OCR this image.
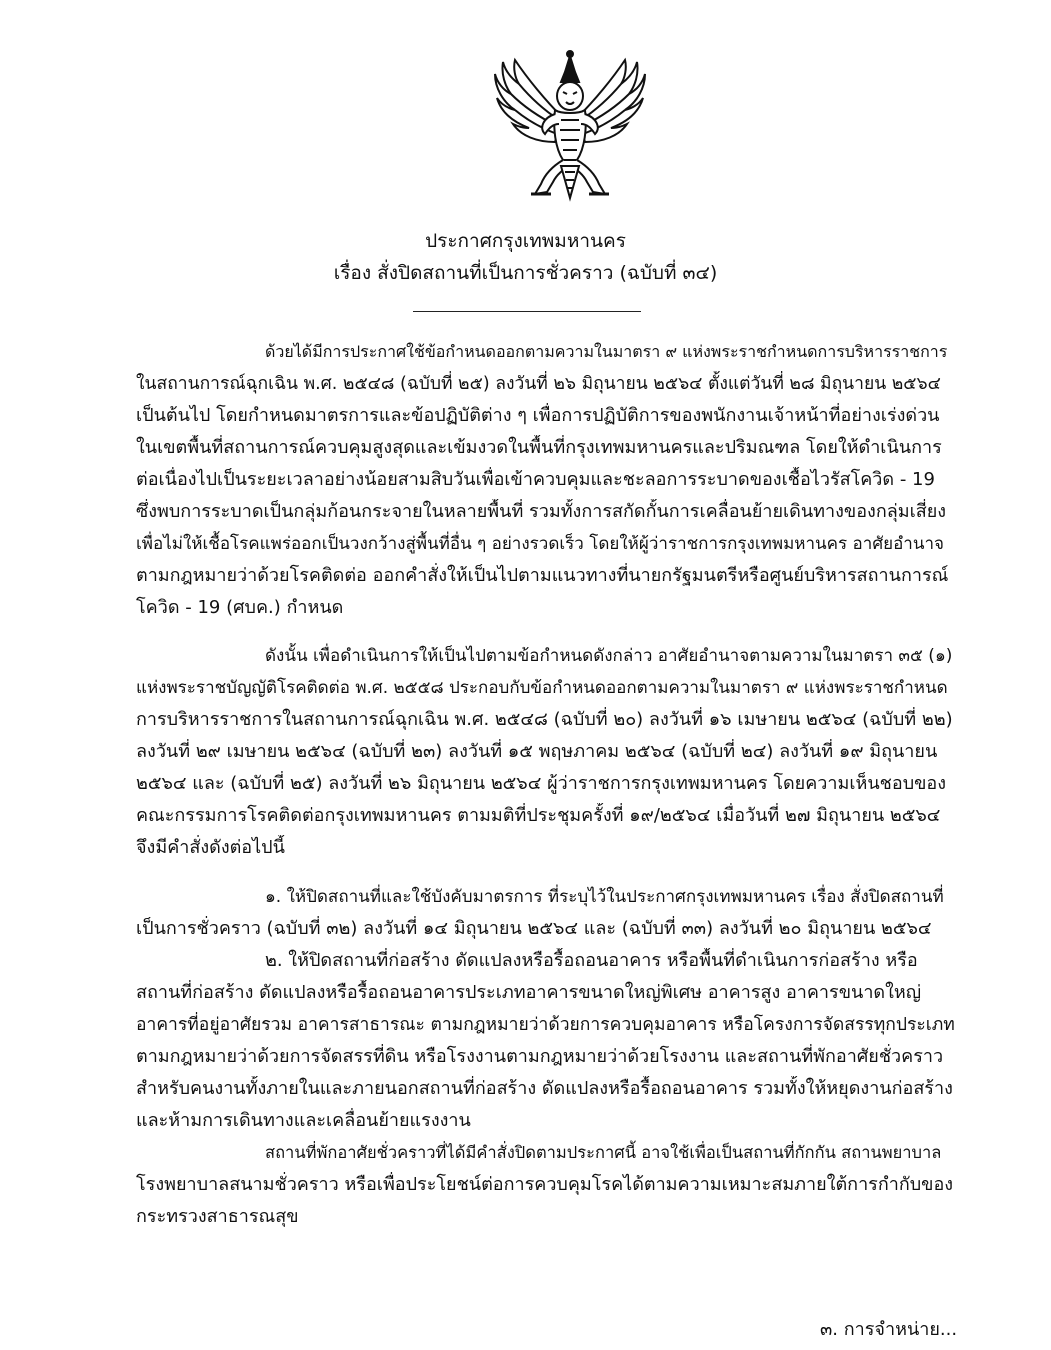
ประกาศกรุงเทพมหานคร
เรื่อง สั่งปิดสถานที่เป็นการชั่วคราว (ฉบับที่ ๓๔)
ด้วยได้มีการประกาศใช้ข้อกำหนดออกตามความในมาตรา ๙ แห่งพระราชกำหนดการบริหารราชการ
ในสถานการณ์ฉุกเฉิน พ.ศ. ๒๕๔๘ (ฉบับที่ ๒๕) ลงวันที่ ๒๖ มิถุนายน ๒๕๖๔ ตั้งแต่วันที่ ๒๘ มิถุนายน ๒๕๖๔
เป็นต้นไป โดยกำหนดมาตรการและข้อปฏิบัติต่าง ๆ เพื่อการปฏิบัติการของพนักงานเจ้าหน้าที่อย่างเร่งด่วน
ในเขตพื้นที่สถานการณ์ควบคุมสูงสุดและเข้มงวดในพื้นที่กรุงเทพมหานครและปริมณฑล โดยให้ดำเนินการ
ต่อเนื่องไปเป็นระยะเวลาอย่างน้อยสามสิบวันเพื่อเข้าควบคุมและชะลอการระบาดของเชื้อไวรัสโควิด - 19
ซึ่งพบการระบาดเป็นกลุ่มก้อนกระจายในหลายพื้นที่ รวมทั้งการสกัดกั้นการเคลื่อนย้ายเดินทางของกลุ่มเสี่ยง
เพื่อไม่ให้เชื้อโรคแพร่ออกเป็นวงกว้างสู่พื้นที่อื่น ๆ อย่างรวดเร็ว โดยให้ผู้ว่าราชการกรุงเทพมหานคร อาศัยอำนาจ
ตามกฎหมายว่าด้วยโรคติดต่อ ออกคำสั่งให้เป็นไปตามแนวทางที่นายกรัฐมนตรีหรือศูนย์บริหารสถานการณ์
โควิด - 19 (ศบค.) กำหนด
ดังนั้น เพื่อดำเนินการให้เป็นไปตามข้อกำหนดดังกล่าว อาศัยอำนาจตามความในมาตรา ๓๕ (๑)
แห่งพระราชบัญญัติโรคติดต่อ พ.ศ. ๒๕๕๘ ประกอบกับข้อกำหนดออกตามความในมาตรา ๙ แห่งพระราชกำหนด
การบริหารราชการในสถานการณ์ฉุกเฉิน พ.ศ. ๒๕๔๘ (ฉบับที่ ๒๐) ลงวันที่ ๑๖ เมษายน ๒๕๖๔ (ฉบับที่ ๒๒)
ลงวันที่ ๒๙ เมษายน ๒๕๖๔ (ฉบับที่ ๒๓) ลงวันที่ ๑๕ พฤษภาคม ๒๕๖๔ (ฉบับที่ ๒๔) ลงวันที่ ๑๙ มิถุนายน
๒๕๖๔ และ (ฉบับที่ ๒๕) ลงวันที่ ๒๖ มิถุนายน ๒๕๖๔ ผู้ว่าราชการกรุงเทพมหานคร โดยความเห็นชอบของ
คณะกรรมการโรคติดต่อกรุงเทพมหานคร ตามมติที่ประชุมครั้งที่ ๑๙/๒๕๖๔ เมื่อวันที่ ๒๗ มิถุนายน ๒๕๖๔
จึงมีคำสั่งดังต่อไปนี้
๑. ให้ปิดสถานที่และใช้บังคับมาตรการ ที่ระบุไว้ในประกาศกรุงเทพมหานคร เรื่อง สั่งปิดสถานที่
เป็นการชั่วคราว (ฉบับที่ ๓๒) ลงวันที่ ๑๔ มิถุนายน ๒๕๖๔ และ (ฉบับที่ ๓๓) ลงวันที่ ๒๐ มิถุนายน ๒๕๖๔
๒. ให้ปิดสถานที่ก่อสร้าง ดัดแปลงหรือรื้อถอนอาคาร หรือพื้นที่ดำเนินการก่อสร้าง หรือ
สถานที่ก่อสร้าง ดัดแปลงหรือรื้อถอนอาคารประเภทอาคารขนาดใหญ่พิเศษ อาคารสูง อาคารขนาดใหญ่
อาคารที่อยู่อาศัยรวม อาคารสาธารณะ ตามกฎหมายว่าด้วยการควบคุมอาคาร หรือโครงการจัดสรรทุกประเภท
ตามกฎหมายว่าด้วยการจัดสรรที่ดิน หรือโรงงานตามกฎหมายว่าด้วยโรงงาน และสถานที่พักอาศัยชั่วคราว
สำหรับคนงานทั้งภายในและภายนอกสถานที่ก่อสร้าง ดัดแปลงหรือรื้อถอนอาคาร รวมทั้งให้หยุดงานก่อสร้าง
และห้ามการเดินทางและเคลื่อนย้ายแรงงาน
สถานที่พักอาศัยชั่วคราวที่ได้มีคำสั่งปิดตามประกาศนี้ อาจใช้เพื่อเป็นสถานที่กักกัน สถานพยาบาล
โรงพยาบาลสนามชั่วคราว หรือเพื่อประโยชน์ต่อการควบคุมโรคได้ตามความเหมาะสมภายใต้การกำกับของ
กระทรวงสาธารณสุข
๓. การจำหน่าย...
